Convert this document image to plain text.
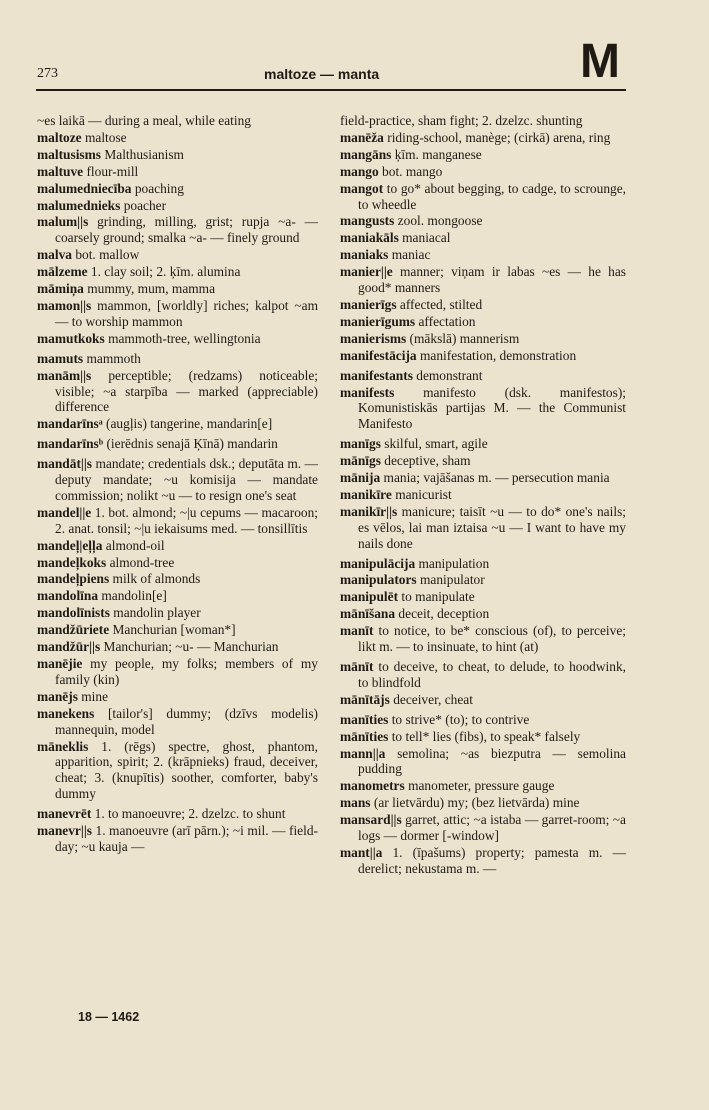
273	maltoze — manta	M
~es laikā — during a meal, while eating
maltoze maltose
maltusisms Malthusianism
maltuve flour-mill
malumedniecība poaching
malumednieks poacher
malum||s grinding, milling, grist; rupja ~a- — coarsely ground; smalka ~a- — finely ground
malva bot. mallow
mālzeme 1. clay soil; 2. ķīm. alumina
māmiņa mummy, mum, mamma
mamon||s mammon, [worldly] riches; kalpot ~am — to worship mammon
mamutkoks mammoth-tree, wellingtonia
mamuts mammoth
manām||s perceptible; (redzams) noticeable; visible; ~a starpība — marked (appreciable) difference
mandarīnsᵃ (augļis) tangerine, mandarin[e]
mandarīnsᵇ (ierēdnis senajā Ķīnā) mandarin
mandāt||s mandate; credentials dsk.; deputāta m. — deputy mandate; ~u komisija — mandate commission; nolikt ~u — to resign one's seat
mandel||e 1. bot. almond; ~|u cepums — macaroon; 2. anat. tonsil; ~|u iekaisums med. — tonsillītis
mandeļ|eļļa almond-oil
mandeļkoks almond-tree
mandeļpiens milk of almonds
mandolīna mandolin[e]
mandolīnists mandolin player
mandžūriete Manchurian [woman*]
mandžūr||s Manchurian; ~u- — Manchurian
manējie my people, my folks; members of my family (kin)
manējs mine
manekens [tailor's] dummy; (dzīvs modelis) mannequin, model
māneklis 1. (rēgs) spectre, ghost, phantom, apparition, spirit; 2. (krāpnieks) fraud, deceiver, cheat; 3. (knupītis) soother, comforter, baby's dummy
manevrēt 1. to manoeuvre; 2. dzelzc. to shunt
manevr||s 1. manoeuvre (arī pārn.); ~i mil. — field-day; ~u kauja —
field-practice, sham fight; 2. dzelzc. shunting
manēža riding-school, manège; (cirkā) arena, ring
mangāns ķīm. manganese
mango bot. mango
mangot to go* about begging, to cadge, to scrounge, to wheedle
mangusts zool. mongoose
maniakāls maniacal
maniaks maniac
manier||e manner; viņam ir labas ~es — he has good* manners
manierīgs affected, stilted
manierīgums affectation
manierisms (mākslā) mannerism
manifestācija manifestation, demonstration
manifestants demonstrant
manifests manifesto (dsk. manifestos); Komunistiskās partijas M. — the Communist Manifesto
manīgs skilful, smart, agile
mānīgs deceptive, sham
mānija mania; vajāšanas m. — persecution mania
manikīre manicurist
manikīr||s manicure; taisīt ~u — to do* one's nails; es vēlos, lai man iztaisa ~u — I want to have my nails done
manipulācija manipulation
manipulators manipulator
manipulēt to manipulate
mānīšana deceit, deception
manīt to notice, to be* conscious (of), to perceive; likt m. — to insinuate, to hint (at)
mānīt to deceive, to cheat, to delude, to hoodwink, to blindfold
mānītājs deceiver, cheat
manīties to strive* (to); to contrive
mānīties to tell* lies (fibs), to speak* falsely
mann||a semolina; ~as biezputra — semolina pudding
manometrs manometer, pressure gauge
mans (ar lietvārdu) my; (bez lietvārda) mine
mansard||s garret, attic; ~a istaba — garret-room; ~a logs — dormer [-window]
mant||a 1. (īpašums) property; pamesta m. — derelict; nekustama m. —
18 — 1462
